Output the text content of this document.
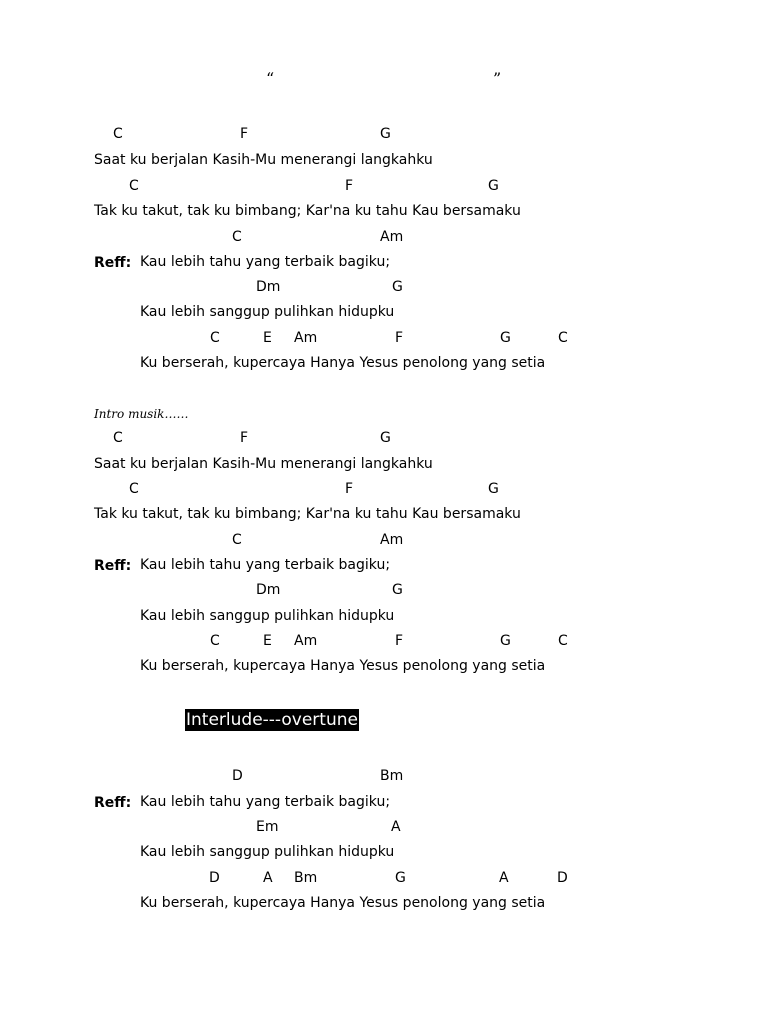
“	”
C	F	G
Saat ku berjalan Kasih-Mu menerangi langkahku
C	F	G
Tak ku takut, tak ku bimbang; Kar'na ku tahu Kau bersamaku
C	Am
Reff: Kau lebih tahu yang terbaik bagiku;
Dm	G
Kau lebih sanggup pulihkan hidupku
C	E Am	F	G	C
Ku berserah, kupercaya Hanya Yesus penolong yang setia
Intro musik……
C	F	G
Saat ku berjalan Kasih-Mu menerangi langkahku
C	F	G
Tak ku takut, tak ku bimbang; Kar'na ku tahu Kau bersamaku
C	Am
Reff: Kau lebih tahu yang terbaik bagiku;
Dm	G
Kau lebih sanggup pulihkan hidupku
C	E Am	F	G	C
Ku berserah, kupercaya Hanya Yesus penolong yang setia
Interlude---overtune
D	Bm
Reff: Kau lebih tahu yang terbaik bagiku;
Em	A
Kau lebih sanggup pulihkan hidupku
D	A Bm	G	A	D
Ku berserah, kupercaya Hanya Yesus penolong yang setia
